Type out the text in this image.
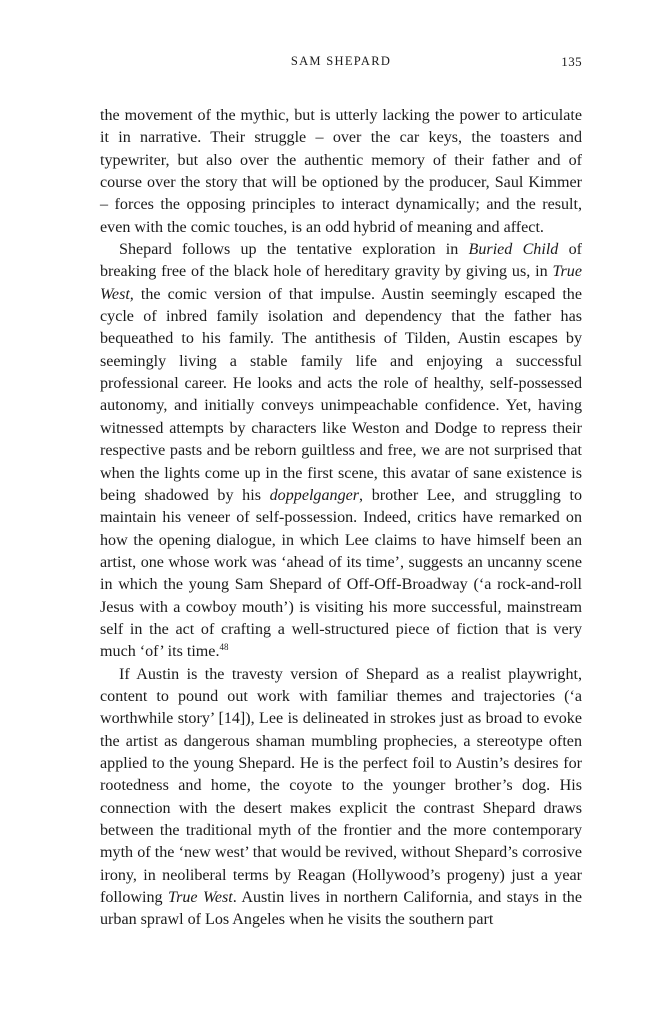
SAM SHEPARD	135

the movement of the mythic, but is utterly lacking the power to articulate it in narrative. Their struggle – over the car keys, the toasters and typewriter, but also over the authentic memory of their father and of course over the story that will be optioned by the producer, Saul Kimmer – forces the opposing principles to interact dynamically; and the result, even with the comic touches, is an odd hybrid of meaning and affect.

Shepard follows up the tentative exploration in Buried Child of breaking free of the black hole of hereditary gravity by giving us, in True West, the comic version of that impulse. Austin seemingly escaped the cycle of inbred family isolation and dependency that the father has bequeathed to his family. The antithesis of Tilden, Austin escapes by seemingly living a stable family life and enjoying a successful professional career. He looks and acts the role of healthy, self-possessed autonomy, and initially conveys unimpeachable confidence. Yet, having witnessed attempts by characters like Weston and Dodge to repress their respective pasts and be reborn guiltless and free, we are not surprised that when the lights come up in the first scene, this avatar of sane existence is being shadowed by his doppelganger, brother Lee, and struggling to maintain his veneer of self-possession. Indeed, critics have remarked on how the opening dialogue, in which Lee claims to have himself been an artist, one whose work was ‘ahead of its time’, suggests an uncanny scene in which the young Sam Shepard of Off-Off-Broadway (‘a rock-and-roll Jesus with a cowboy mouth’) is visiting his more successful, mainstream self in the act of crafting a well-structured piece of fiction that is very much ‘of’ its time.$^{48}$

If Austin is the travesty version of Shepard as a realist playwright, content to pound out work with familiar themes and trajectories (‘a worthwhile story’ [14]), Lee is delineated in strokes just as broad to evoke the artist as dangerous shaman mumbling prophecies, a stereotype often applied to the young Shepard. He is the perfect foil to Austin’s desires for rootedness and home, the coyote to the younger brother’s dog. His connection with the desert makes explicit the contrast Shepard draws between the traditional myth of the frontier and the more contemporary myth of the ‘new west’ that would be revived, without Shepard’s corrosive irony, in neoliberal terms by Reagan (Hollywood’s progeny) just a year following True West. Austin lives in northern California, and stays in the urban sprawl of Los Angeles when he visits the southern part
